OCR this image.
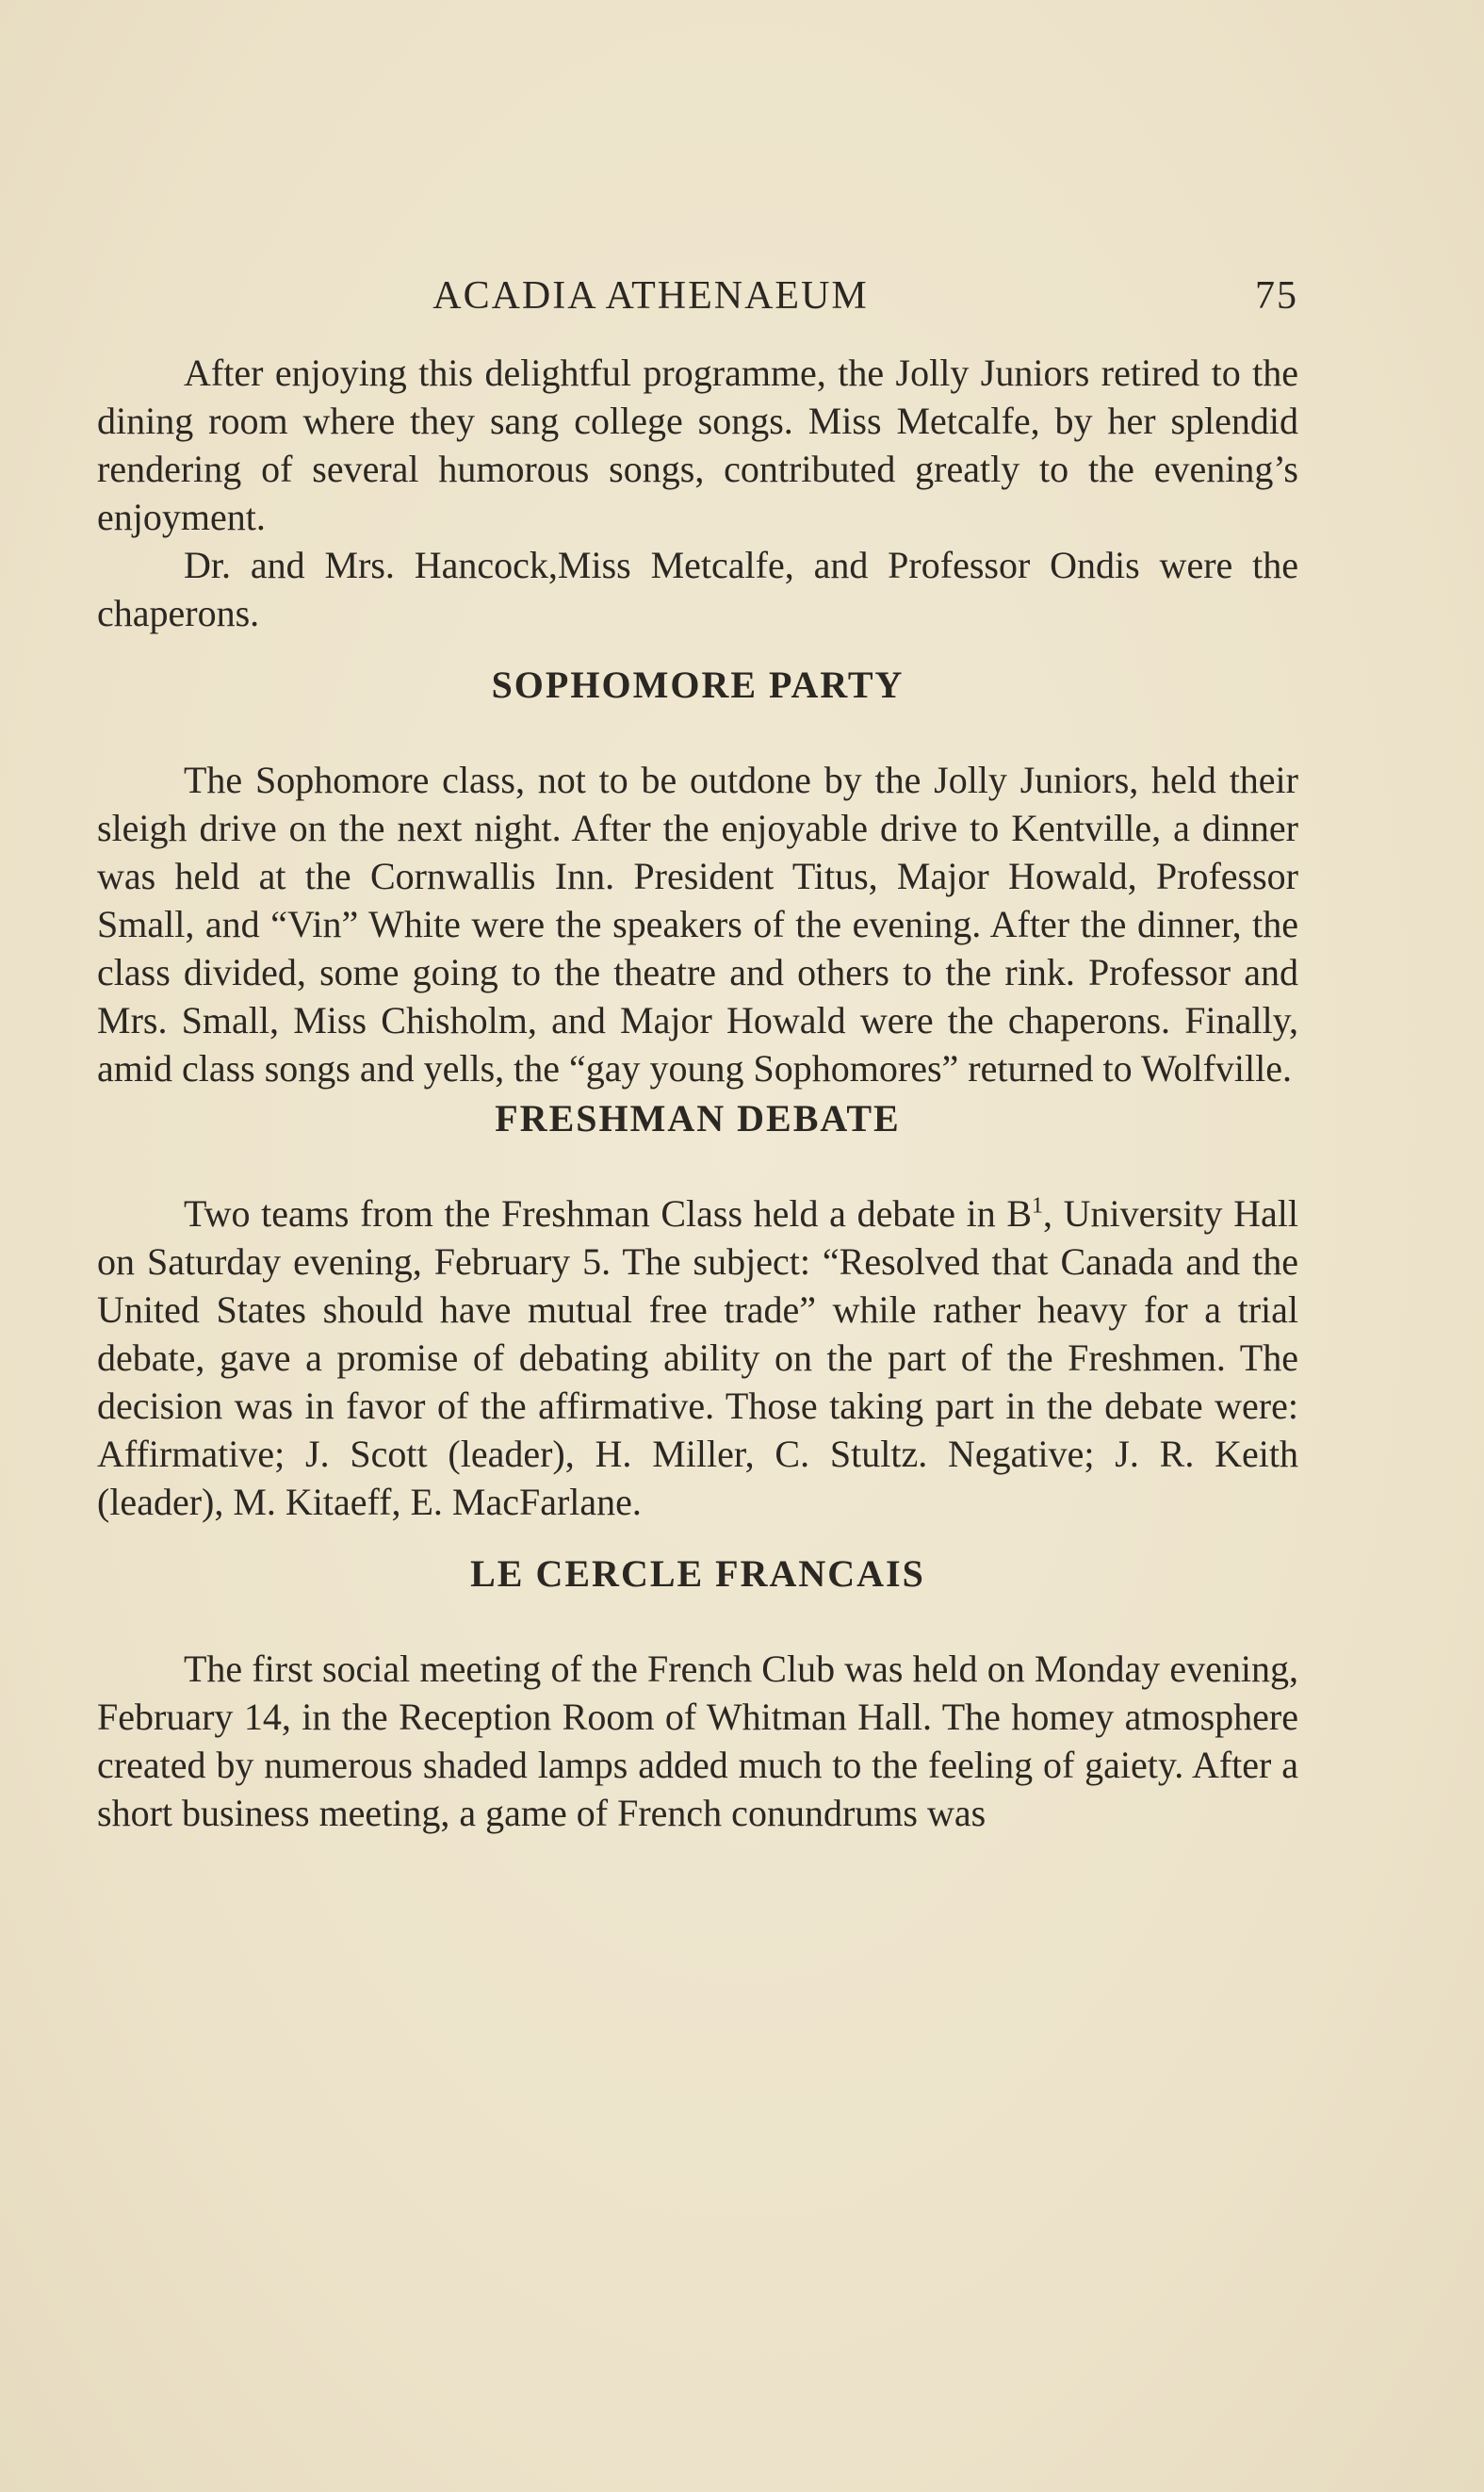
ACADIA ATHENAEUM	75

After enjoying this delightful programme, the Jolly Juniors retired to the dining room where they sang college songs. Miss Metcalfe, by her splendid rendering of several humorous songs, contributed greatly to the evening’s enjoyment.

Dr. and Mrs. Hancock,Miss Metcalfe, and Professor Ondis were the chaperons.

SOPHOMORE PARTY

The Sophomore class, not to be outdone by the Jolly Juniors, held their sleigh drive on the next night. After the enjoyable drive to Kentville, a dinner was held at the Cornwallis Inn. President Titus, Major Howald, Professor Small, and “Vin” White were the speakers of the evening. After the dinner, the class divided, some going to the theatre and others to the rink. Professor and Mrs. Small, Miss Chisholm, and Major Howald were the chaperons. Finally, amid class songs and yells, the “gay young Sophomores” returned to Wolfville.

FRESHMAN DEBATE

Two teams from the Freshman Class held a debate in $B^1$, University Hall on Saturday evening, February 5. The subject: “Resolved that Canada and the United States should have mutual free trade” while rather heavy for a trial debate, gave a promise of debating ability on the part of the Freshmen. The decision was in favor of the affirmative. Those taking part in the debate were: Affirmative; J. Scott (leader), H. Miller, C. Stultz. Negative; J. R. Keith (leader), M. Kitaeff, E. MacFarlane.

LE CERCLE FRANCAIS

The first social meeting of the French Club was held on Monday evening, February 14, in the Reception Room of Whitman Hall. The homey atmosphere created by numerous shaded lamps added much to the feeling of gaiety. After a short business meeting, a game of French conundrums was
